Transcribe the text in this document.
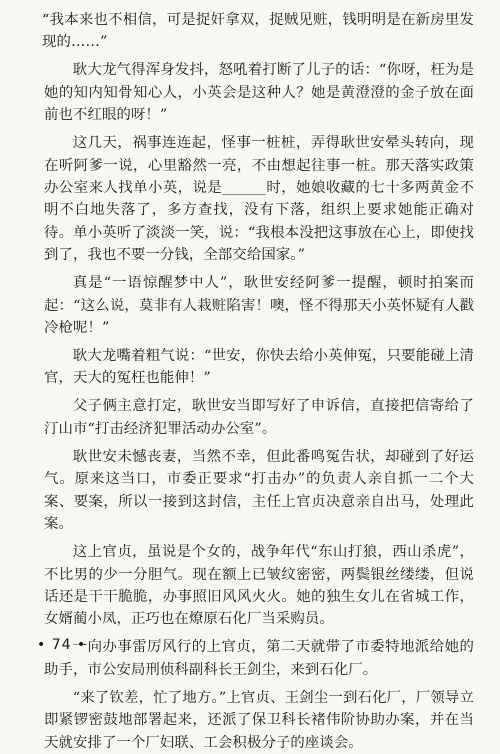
“我本来也不相信，可是捉奸拿双，捉贼见赃，钱明明是在新房里发现的……”

耿大龙气得浑身发抖，怒吼着打断了儿子的话：“你呀，枉为是她的知内知骨知心人，小英会是这种人？她是黄澄澄的金子放在面前也不红眼的呀！”

这几天，祸事连连起，怪事一桩桩，弄得耿世安晕头转向，现在听阿爹一说，心里豁然一亮，不由想起往事一桩。那天落实政策办公室来人找单小英，说是______时，她娘收藏的七十多两黄金不明不白地失落了，多方查找，没有下落，组织上要求她能正确对待。单小英听了淡淡一笑，说：“我根本没把这事放在心上，即使找到了，我也不要一分钱，全部交给国家。”

真是“一语惊醒梦中人”，耿世安经阿爹一提醒，顿时拍案而起：“这么说，莫非有人栽赃陷害！噢，怪不得那天小英怀疑有人戳冷枪呢！”

耿大龙嘴着粗气说：“世安，你快去给小英伸冤，只要能碰上清官，天大的冤枉也能伸！”

父子俩主意打定，耿世安当即写好了申诉信，直接把信寄给了汀山市“打击经济犯罪活动办公室”。

耿世安未憾丧妻，当然不幸，但此番鸣冤告状，却碰到了好运气。原来这当口，市委正要求“打击办”的负责人亲自抓一二个大案、要案，所以一接到这封信，主任上官贞决意亲自出马，处理此案。

这上官贞，虽说是个女的，战争年代“东山打狼，西山杀虎”，不比男的少一分胆气。现在额上已皱纹密密，两鬓银丝缕缕，但说话还是干干脆脆，办事照旧风风火火。她的独生女儿在省城工作，女婿蔺小凤，正巧也在燎原石化厂当采购员。

一向办事雷厉风行的上官贞，第二天就带了市委特地派给她的助手，市公安局刑侦科副科长王剑尘，来到石化厂。

“来了钦差，忙了地方。”上官贞、王剑尘一到石化厂，厂领导立即紧锣密鼓地部署起来，还派了保卫科长褚伟阶协助办案，并在当天就安排了一个厂妇联、工会积极分子的座谈会。

• 74 •
